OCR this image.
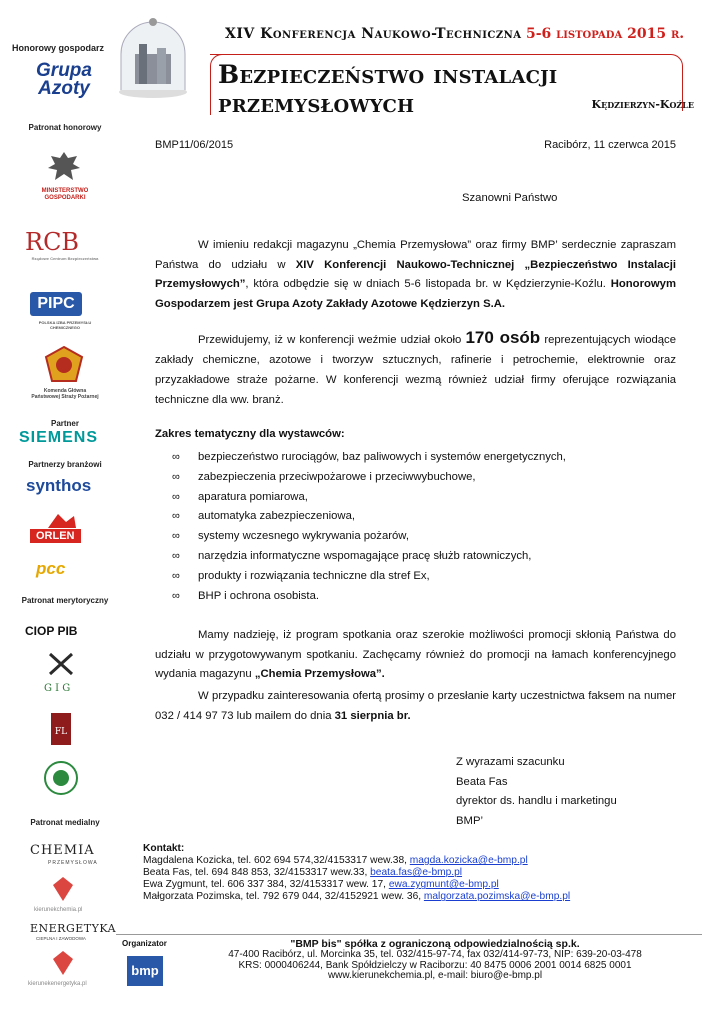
Honorowy gospodarz
XIV Konferencja Naukowo-Techniczna 5-6 listopada 2015 r.
Bezpieczeństwo instalacji przemysłowych	Kędzierzyn-Koźle
Grupa Azoty
Patronat honorowy
MINISTERSTWO GOSPODARKI
RCB
Rządowe Centrum Bezpieczeństwa
PIPC
POLSKA IZBA PRZEMYSŁU CHEMICZNEGO
Komenda Główna Państwowej Straży Pożarnej
Partner
SIEMENS
Partnerzy branżowi
synthos
ORLEN
pcc
Patronat merytoryczny
CIOP PIB
G I G
FL
Patronat medialny
CHEMIA
PRZEMYSŁOWA
kierunekchemia.pl
ENERGETYKA
CIEPLNA I ZAWODOWA
kierunekenergetyka.pl
BMP11/06/2015	Racibórz, 11 czerwca 2015
Szanowni Państwo

W imieniu redakcji magazynu „Chemia Przemysłowa” oraz firmy BMP’ serdecznie zapraszam Państwa do udziału w XIV Konferencji Naukowo-Technicznej „Bezpieczeństwo Instalacji Przemysłowych”, która odbędzie się w dniach 5-6 listopada br. w Kędzierzynie-Koźlu. Honorowym Gospodarzem jest Grupa Azoty Zakłady Azotowe Kędzierzyn S.A.

Przewidujemy, iż w konferencji weźmie udział około 170 osób reprezentujących wiodące zakłady chemiczne, azotowe i tworzyw sztucznych, rafinerie i petrochemie, elektrownie oraz przyzakładowe straże pożarne. W konferencji wezmą również udział firmy oferujące rozwiązania techniczne dla ww. branż.

Zakres tematyczny dla wystawców:
∞ bezpieczeństwo rurociągów, baz paliwowych i systemów energetycznych,
∞ zabezpieczenia przeciwpożarowe i przeciwwybuchowe,
∞ aparatura pomiarowa,
∞ automatyka zabezpieczeniowa,
∞ systemy wczesnego wykrywania pożarów,
∞ narzędzia informatyczne wspomagające pracę służb ratowniczych,
∞ produkty i rozwiązania techniczne dla stref Ex,
∞ BHP i ochrona osobista.

Mamy nadzieję, iż program spotkania oraz szerokie możliwości promocji skłonią Państwa do udziału w przygotowywanym spotkaniu. Zachęcamy również do promocji na łamach konferencyjnego wydania magazynu „Chemia Przemysłowa”.

W przypadku zainteresowania ofertą prosimy o przesłanie karty uczestnictwa faksem na numer 032 / 414 97 73 lub mailem do dnia 31 sierpnia br.

Z wyrazami szacunku
Beata Fas
dyrektor ds. handlu i marketingu
BMP’
Kontakt:
Magdalena Kozicka, tel. 602 694 574,32/4153317 wew.38, magda.kozicka@e-bmp.pl
Beata Fas, tel. 694 848 853, 32/4153317 wew.33, beata.fas@e-bmp.pl
Ewa Zygmunt, tel. 606 337 384, 32/4153317 wew. 17, ewa.zygmunt@e-bmp.pl
Małgorzata Pozimska, tel. 792 679 044, 32/4152921 wew. 36, malgorzata.pozimska@e-bmp.pl
Organizator
bmp
"BMP bis" spółka z ograniczoną odpowiedzialnością sp.k.
47-400 Racibórz, ul. Morcinka 35, tel. 032/415-97-74, fax 032/414-97-73, NIP: 639-20-03-478
KRS: 0000406244, Bank Spółdzielczy w Raciborzu: 40 8475 0006 2001 0014 6825 0001
www.kierunekchemia.pl, e-mail: biuro@e-bmp.pl
